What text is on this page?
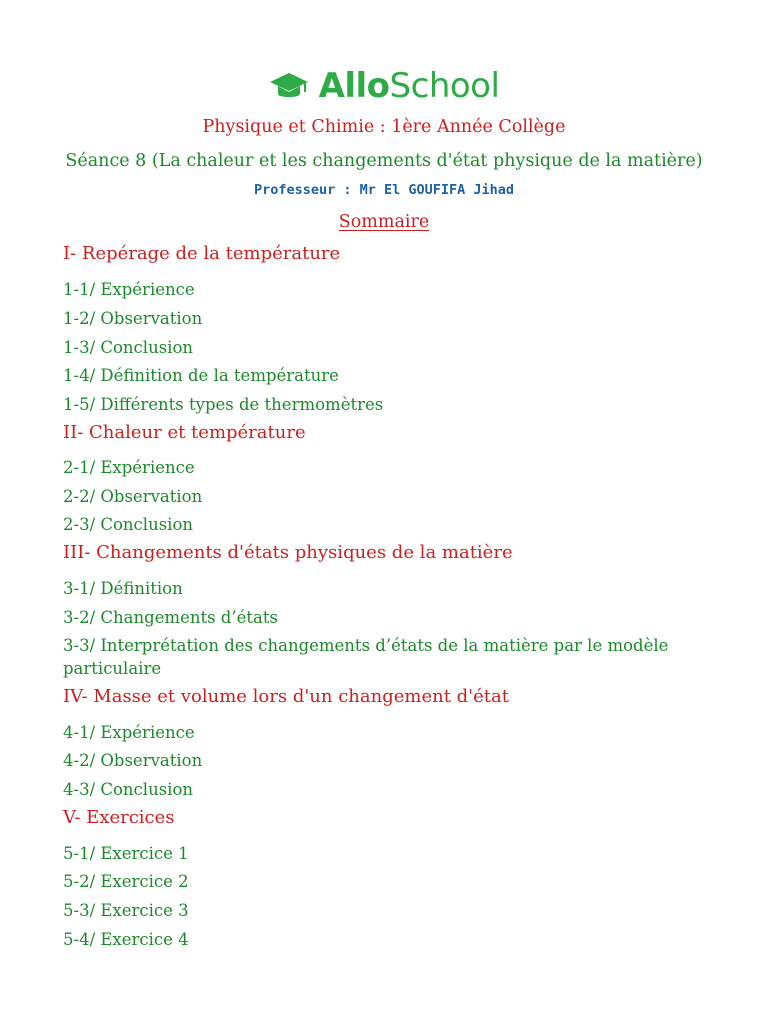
AlloSchool
Physique et Chimie : 1ère Année Collège
Séance 8 (La chaleur et les changements d'état physique de la matière)
Professeur : Mr El GOUFIFA Jihad
Sommaire
I- Repérage de la température
1-1/ Expérience
1-2/ Observation
1-3/ Conclusion
1-4/ Définition de la température
1-5/ Différents types de thermomètres
II- Chaleur et température
2-1/ Expérience
2-2/ Observation
2-3/ Conclusion
III- Changements d'états physiques de la matière
3-1/ Définition
3-2/ Changements d’états
3-3/ Interprétation des changements d’états de la matière par le modèle particulaire
IV- Masse et volume lors d'un changement d'état
4-1/ Expérience
4-2/ Observation
4-3/ Conclusion
V- Exercices
5-1/ Exercice 1
5-2/ Exercice 2
5-3/ Exercice 3
5-4/ Exercice 4
